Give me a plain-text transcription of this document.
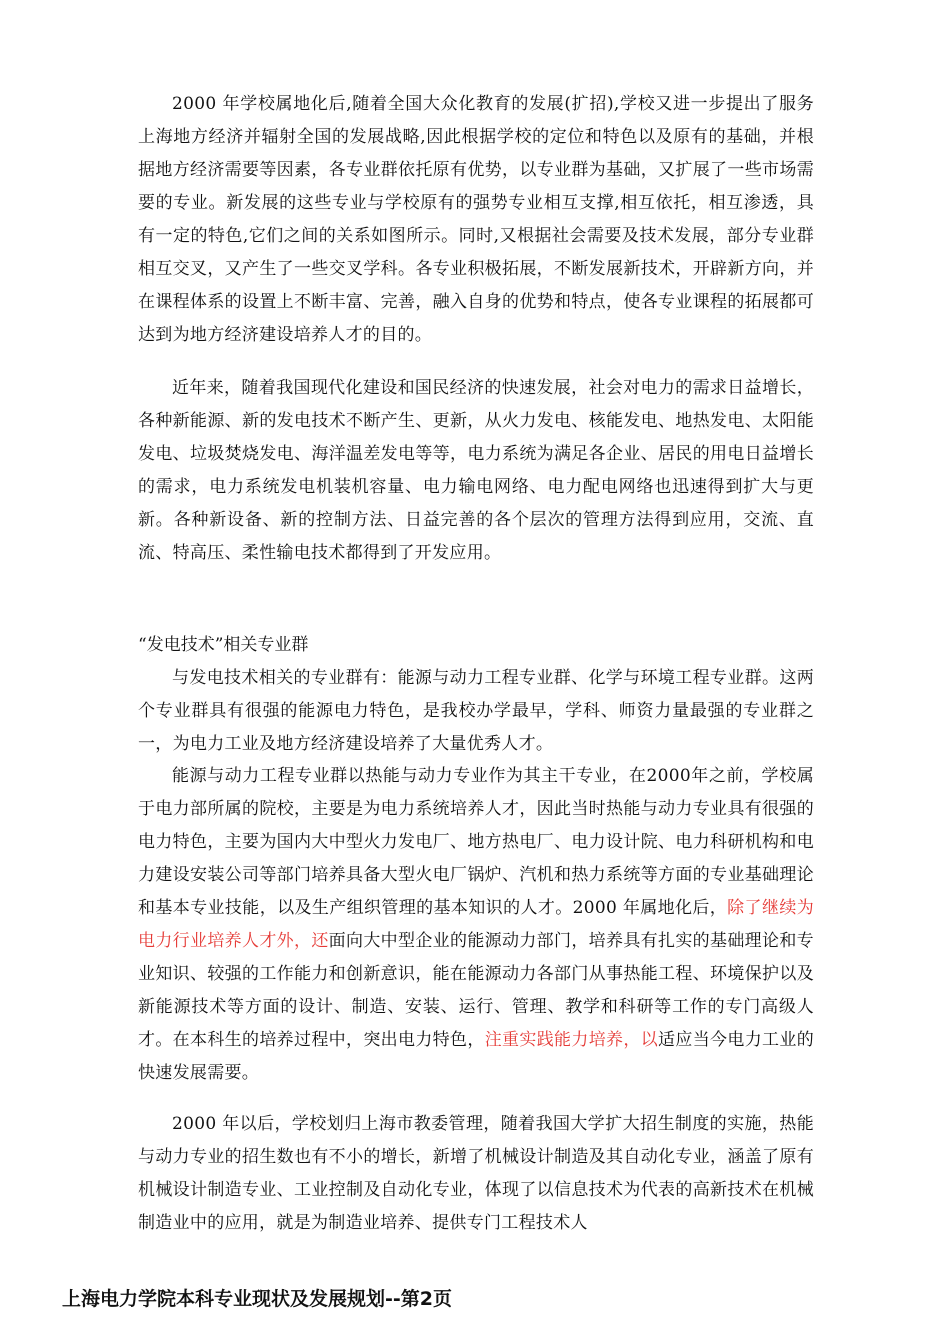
2000 年学校属地化后,随着全国大众化教育的发展(扩招),学校又进一步提出了服务上海地方经济并辐射全国的发展战略,因此根据学校的定位和特色以及原有的基础，并根据地方经济需要等因素，各专业群依托原有优势，以专业群为基础，又扩展了一些市场需要的专业。新发展的这些专业与学校原有的强势专业相互支撑,相互依托，相互渗透，具有一定的特色,它们之间的关系如图所示。同时,又根据社会需要及技术发展，部分专业群相互交叉，又产生了一些交叉学科。各专业积极拓展，不断发展新技术，开辟新方向，并在课程体系的设置上不断丰富、完善，融入自身的优势和特点，使各专业课程的拓展都可达到为地方经济建设培养人才的目的。

近年来，随着我国现代化建设和国民经济的快速发展，社会对电力的需求日益增长，各种新能源、新的发电技术不断产生、更新，从火力发电、核能发电、地热发电、太阳能发电、垃圾焚烧发电、海洋温差发电等等，电力系统为满足各企业、居民的用电日益增长的需求，电力系统发电机装机容量、电力输电网络、电力配电网络也迅速得到扩大与更新。各种新设备、新的控制方法、日益完善的各个层次的管理方法得到应用，交流、直流、特高压、柔性输电技术都得到了开发应用。

“发电技术”相关专业群

与发电技术相关的专业群有：能源与动力工程专业群、化学与环境工程专业群。这两个专业群具有很强的能源电力特色，是我校办学最早，学科、师资力量最强的专业群之一，为电力工业及地方经济建设培养了大量优秀人才。

能源与动力工程专业群以热能与动力专业作为其主干专业，在2000年之前，学校属于电力部所属的院校，主要是为电力系统培养人才，因此当时热能与动力专业具有很强的电力特色，主要为国内大中型火力发电厂、地方热电厂、电力设计院、电力科研机构和电力建设安装公司等部门培养具备大型火电厂锅炉、汽机和热力系统等方面的专业基础理论和基本专业技能，以及生产组织管理的基本知识的人才。2000 年属地化后，除了继续为电力行业培养人才外，还面向大中型企业的能源动力部门，培养具有扎实的基础理论和专业知识、较强的工作能力和创新意识，能在能源动力各部门从事热能工程、环境保护以及新能源技术等方面的设计、制造、安装、运行、管理、教学和科研等工作的专门高级人才。在本科生的培养过程中，突出电力特色，注重实践能力培养，以适应当今电力工业的快速发展需要。

2000 年以后，学校划归上海市教委管理，随着我国大学扩大招生制度的实施，热能与动力专业的招生数也有不小的增长，新增了机械设计制造及其自动化专业，涵盖了原有机械设计制造专业、工业控制及自动化专业，体现了以信息技术为代表的高新技术在机械制造业中的应用，就是为制造业培养、提供专门工程技术人

上海电力学院本科专业现状及发展规划--第2页
